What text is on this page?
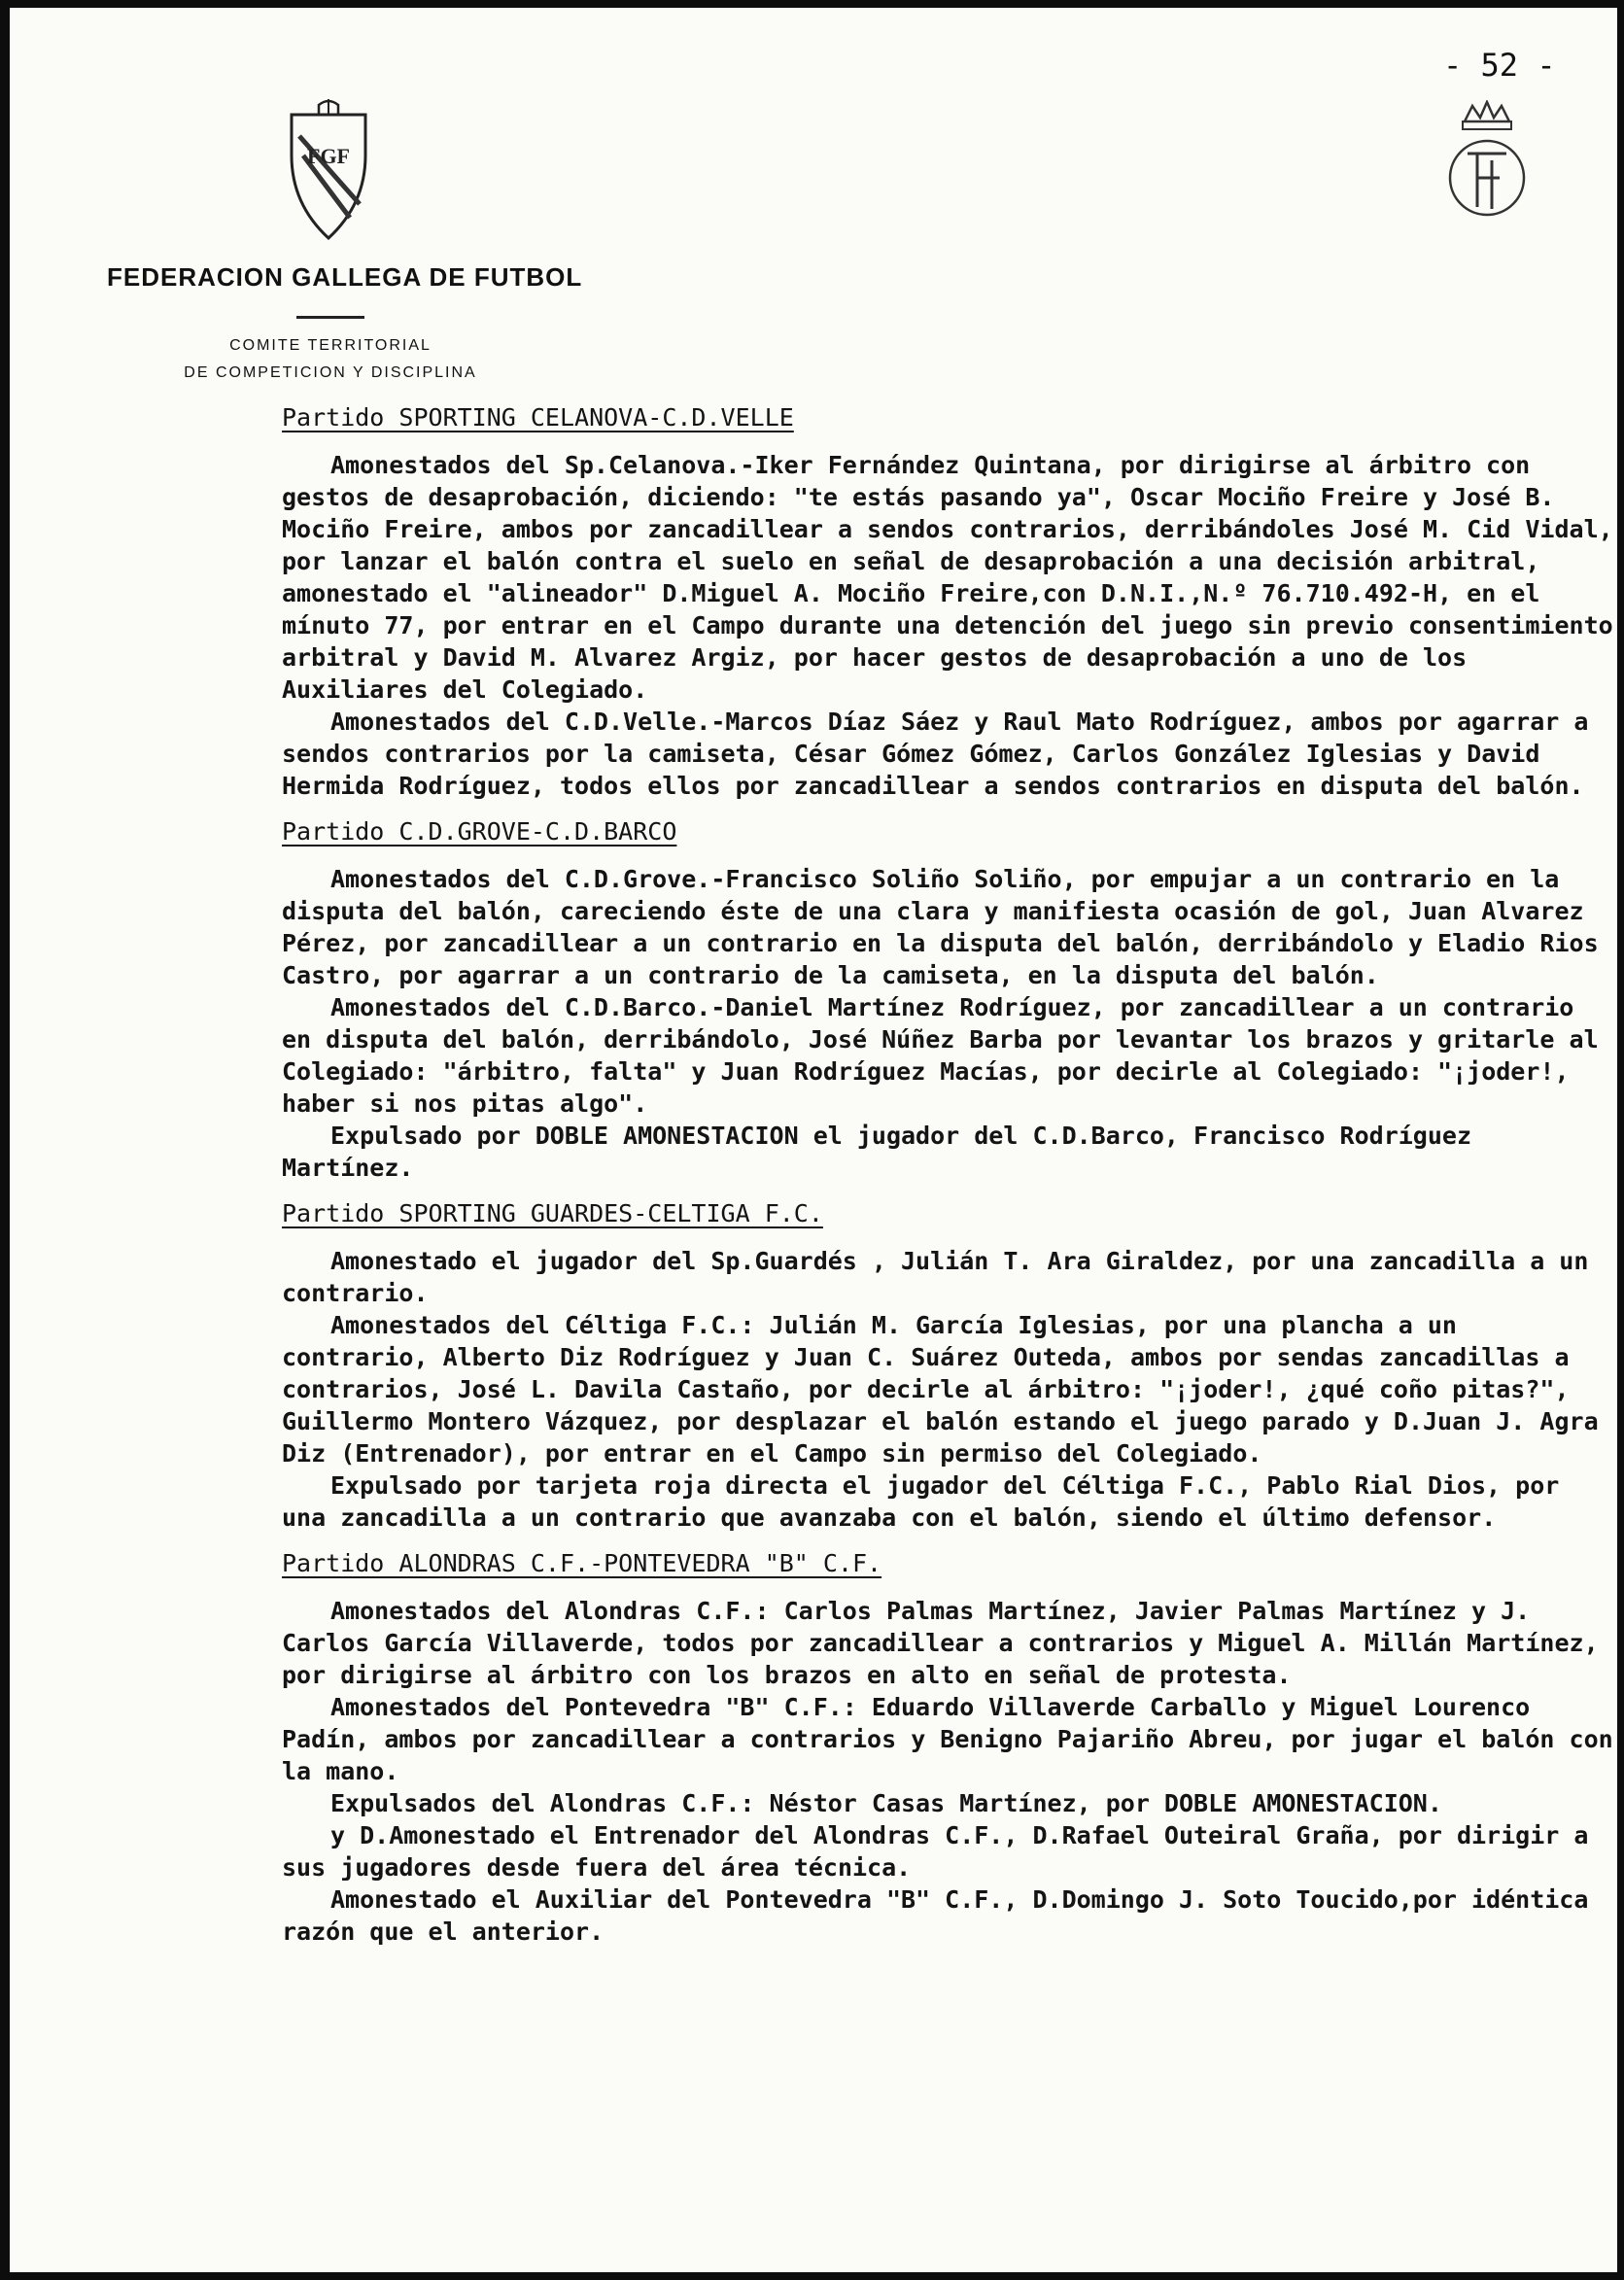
- 52 -
FGF
FEDERACION GALLEGA DE FUTBOL
COMITE TERRITORIAL
DE COMPETICION Y DISCIPLINA
Partido SPORTING CELANOVA-C.D.VELLE

Amonestados del Sp.Celanova.-Iker Fernández Quintana, por dirigirse al árbitro con gestos de desaprobación, diciendo: "te estás pasando ya", Oscar Mociño Freire y José B. Mociño Freire, ambos por zancadillear a sendos contrarios, derribándoles José M. Cid Vidal, por lanzar el balón contra el suelo en señal de desaprobación a una decisión arbitral, amonestado el "alineador" D.Miguel A. Mociño Freire,con D.N.I.,N.º 76.710.492-H, en el mínuto 77, por entrar en el Campo durante una detención del juego sin previo consentimiento arbitral y David M. Alvarez Argiz, por hacer gestos de desaprobación a uno de los Auxiliares del Colegiado.

Amonestados del C.D.Velle.-Marcos Díaz Sáez y Raul Mato Rodríguez, ambos por agarrar a sendos contrarios por la camiseta, César Gómez Gómez, Carlos González Iglesias y David Hermida Rodríguez, todos ellos por zancadillear a sendos contrarios en disputa del balón.

Partido C.D.GROVE-C.D.BARCO

Amonestados del C.D.Grove.-Francisco Soliño Soliño, por empujar a un contrario en la disputa del balón, careciendo éste de una clara y manifiesta ocasión de gol, Juan Alvarez Pérez, por zancadillear a un contrario en la disputa del balón, derribándolo y Eladio Rios Castro, por agarrar a un contrario de la camiseta, en la disputa del balón.

Amonestados del C.D.Barco.-Daniel Martínez Rodríguez, por zancadillear a un contrario en disputa del balón, derribándolo, José Núñez Barba por levantar los brazos y gritarle al Colegiado: "árbitro, falta" y Juan Rodríguez Macías, por decirle al Colegiado: "¡joder!, haber si nos pitas algo".

Expulsado por DOBLE AMONESTACION el jugador del C.D.Barco, Francisco Rodríguez Martínez.

Partido SPORTING GUARDES-CELTIGA F.C.

Amonestado el jugador del Sp.Guardés , Julián T. Ara Giraldez, por una zancadilla a un contrario.

Amonestados del Céltiga F.C.: Julián M. García Iglesias, por una plancha a un contrario, Alberto Diz Rodríguez y Juan C. Suárez Outeda, ambos por sendas zancadillas a contrarios, José L. Davila Castaño, por decirle al árbitro: "¡joder!, ¿qué coño pitas?", Guillermo Montero Vázquez, por desplazar el balón estando el juego parado y D.Juan J. Agra Diz (Entrenador), por entrar en el Campo sin permiso del Colegiado.

Expulsado por tarjeta roja directa el jugador del Céltiga F.C., Pablo Rial Dios, por una zancadilla a un contrario que avanzaba con el balón, siendo el último defensor.

Partido ALONDRAS C.F.-PONTEVEDRA "B" C.F.

Amonestados del Alondras C.F.: Carlos Palmas Martínez, Javier Palmas Martínez y J. Carlos García Villaverde, todos por zancadillear a contrarios y Miguel A. Millán Martínez, por dirigirse al árbitro con los brazos en alto en señal de protesta.

Amonestados del Pontevedra "B" C.F.: Eduardo Villaverde Carballo y Miguel Lourenco Padín, ambos por zancadillear a contrarios y Benigno Pajariño Abreu, por jugar el balón con la mano.

Expulsados del Alondras C.F.: Néstor Casas Martínez, por DOBLE AMONESTACION.

y D.Amonestado el Entrenador del Alondras C.F., D.Rafael Outeiral Graña, por dirigir a sus jugadores desde fuera del área técnica.

Amonestado el Auxiliar del Pontevedra "B" C.F., D.Domingo J. Soto Toucido,por idéntica razón que el anterior.
